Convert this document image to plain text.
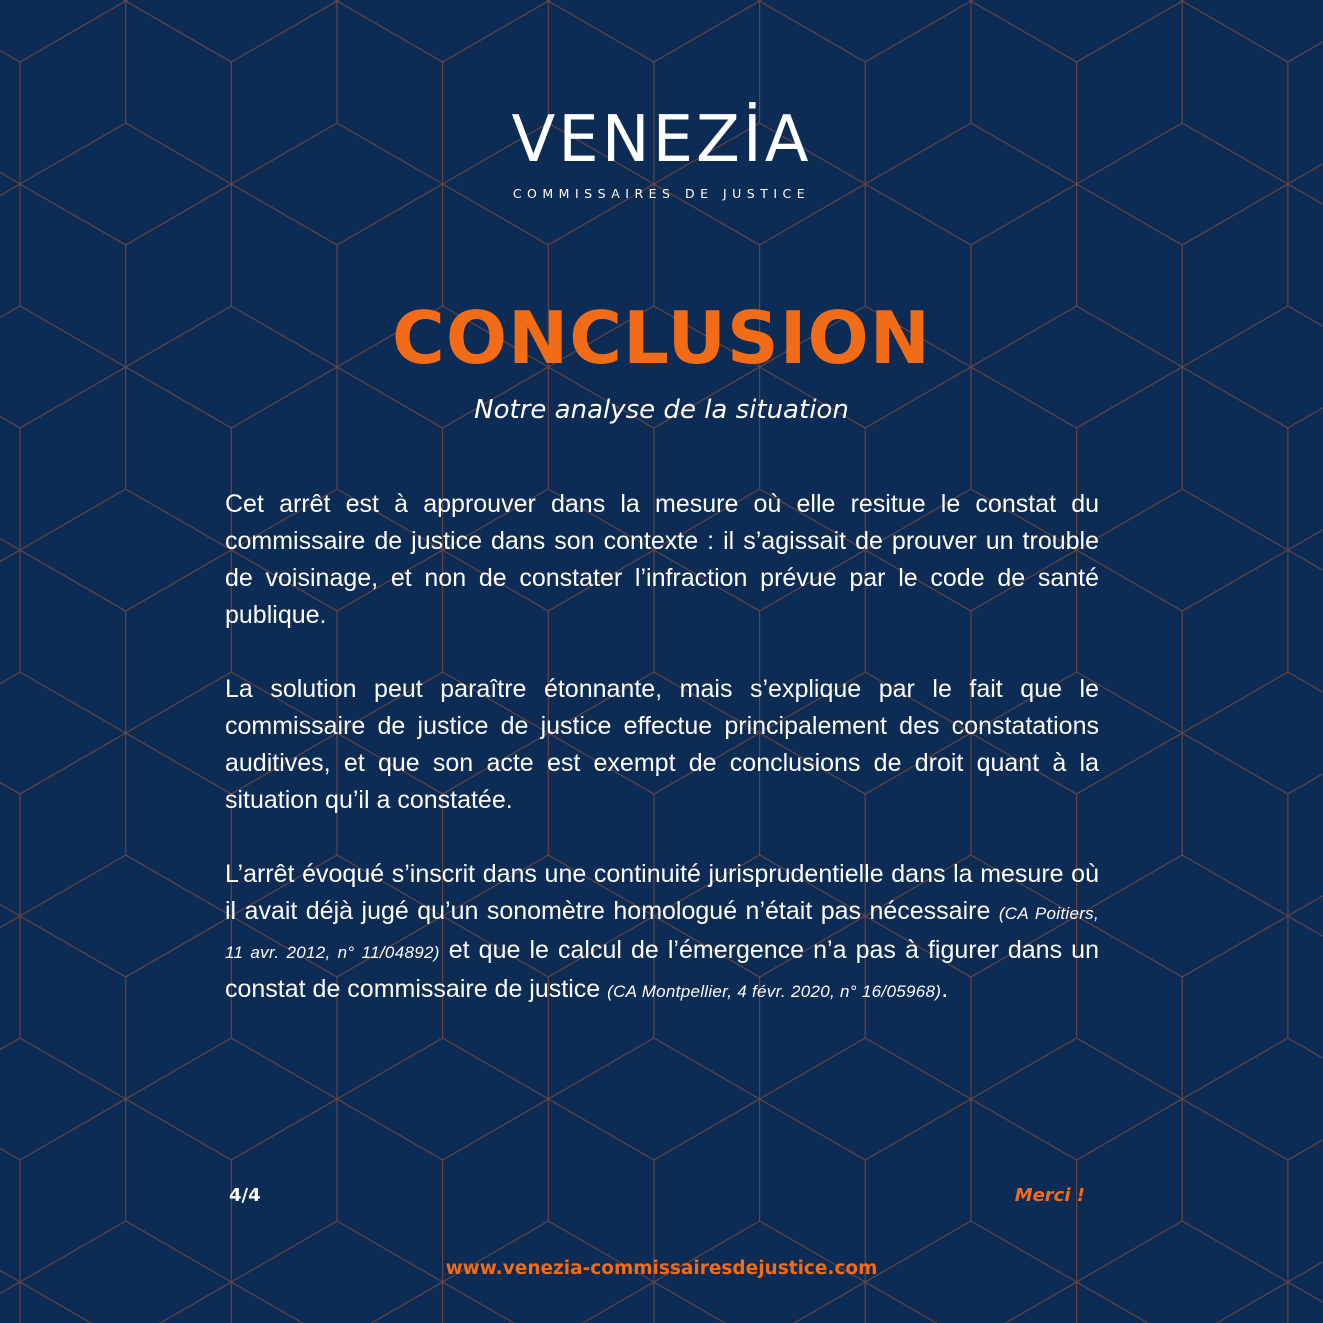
VENEZİA
COMMISSAIRES DE JUSTICE
CONCLUSION
Notre analyse de la situation

Cet arrêt est à approuver dans la mesure où elle resitue le constat du commissaire de justice dans son contexte : il s’agissait de prouver un trouble de voisinage, et non de constater l’infraction prévue par le code de santé publique.

La solution peut paraître étonnante, mais s’explique par le fait que le commissaire de justice de justice effectue principalement des constatations auditives, et que son acte est exempt de conclusions de droit quant à la situation qu’il a constatée.

L’arrêt évoqué s’inscrit dans une continuité jurisprudentielle dans la mesure où il avait déjà jugé qu’un sonomètre homologué n’était pas nécessaire (CA Poitiers, 11 avr. 2012, n° 11/04892) et que le calcul de l’émergence n’a pas à figurer dans un constat de commissaire de justice (CA Montpellier, 4 févr. 2020, n° 16/05968).

4/4	Merci !
www.venezia-commissairesdejustice.com
